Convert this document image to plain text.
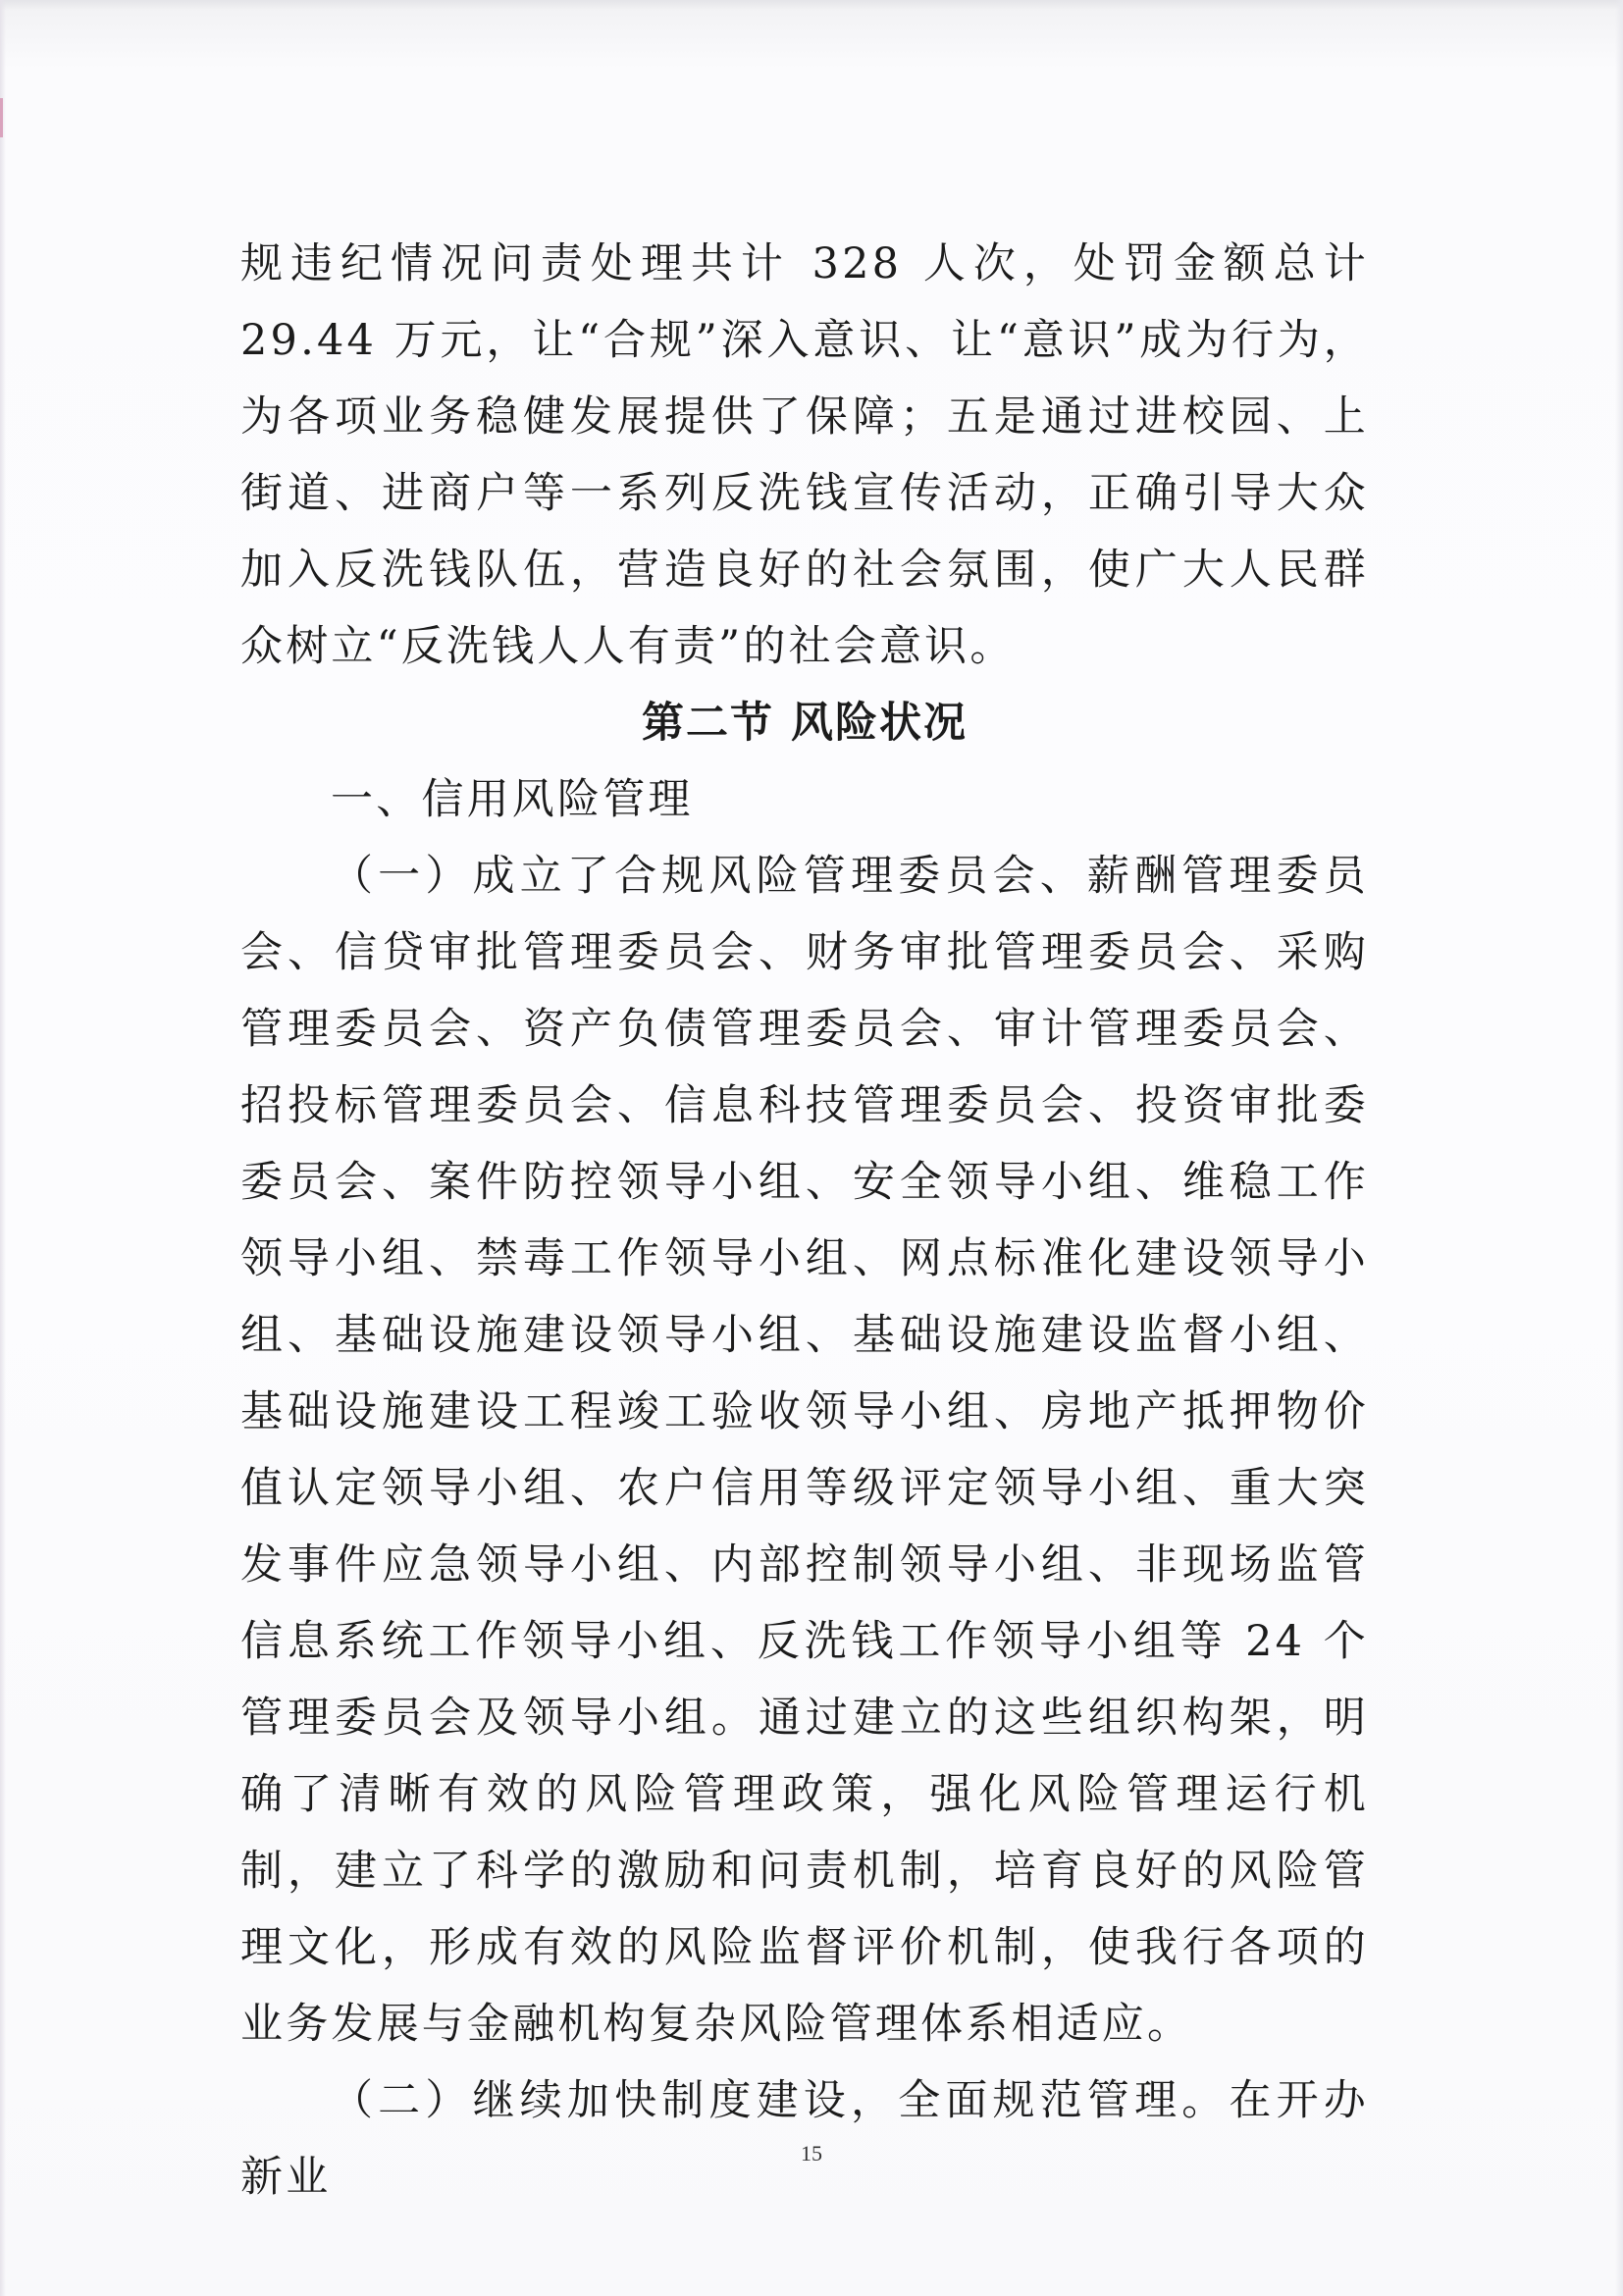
规违纪情况问责处理共计 328 人次，处罚金额总计 29.44 万元，让“合规”深入意识、让“意识”成为行为，为各项业务稳健发展提供了保障；五是通过进校园、上街道、进商户等一系列反洗钱宣传活动，正确引导大众加入反洗钱队伍，营造良好的社会氛围，使广大人民群众树立“反洗钱人人有责”的社会意识。

第二节 风险状况

一、信用风险管理

（一）成立了合规风险管理委员会、薪酬管理委员会、信贷审批管理委员会、财务审批管理委员会、采购管理委员会、资产负债管理委员会、审计管理委员会、招投标管理委员会、信息科技管理委员会、投资审批委委员会、案件防控领导小组、安全领导小组、维稳工作领导小组、禁毒工作领导小组、网点标准化建设领导小组、基础设施建设领导小组、基础设施建设监督小组、基础设施建设工程竣工验收领导小组、房地产抵押物价值认定领导小组、农户信用等级评定领导小组、重大突发事件应急领导小组、内部控制领导小组、非现场监管信息系统工作领导小组、反洗钱工作领导小组等 24 个管理委员会及领导小组。通过建立的这些组织构架，明确了清晰有效的风险管理政策，强化风险管理运行机制，建立了科学的激励和问责机制，培育良好的风险管理文化，形成有效的风险监督评价机制，使我行各项的业务发展与金融机构复杂风险管理体系相适应。

（二）继续加快制度建设，全面规范管理。在开办新业	15
